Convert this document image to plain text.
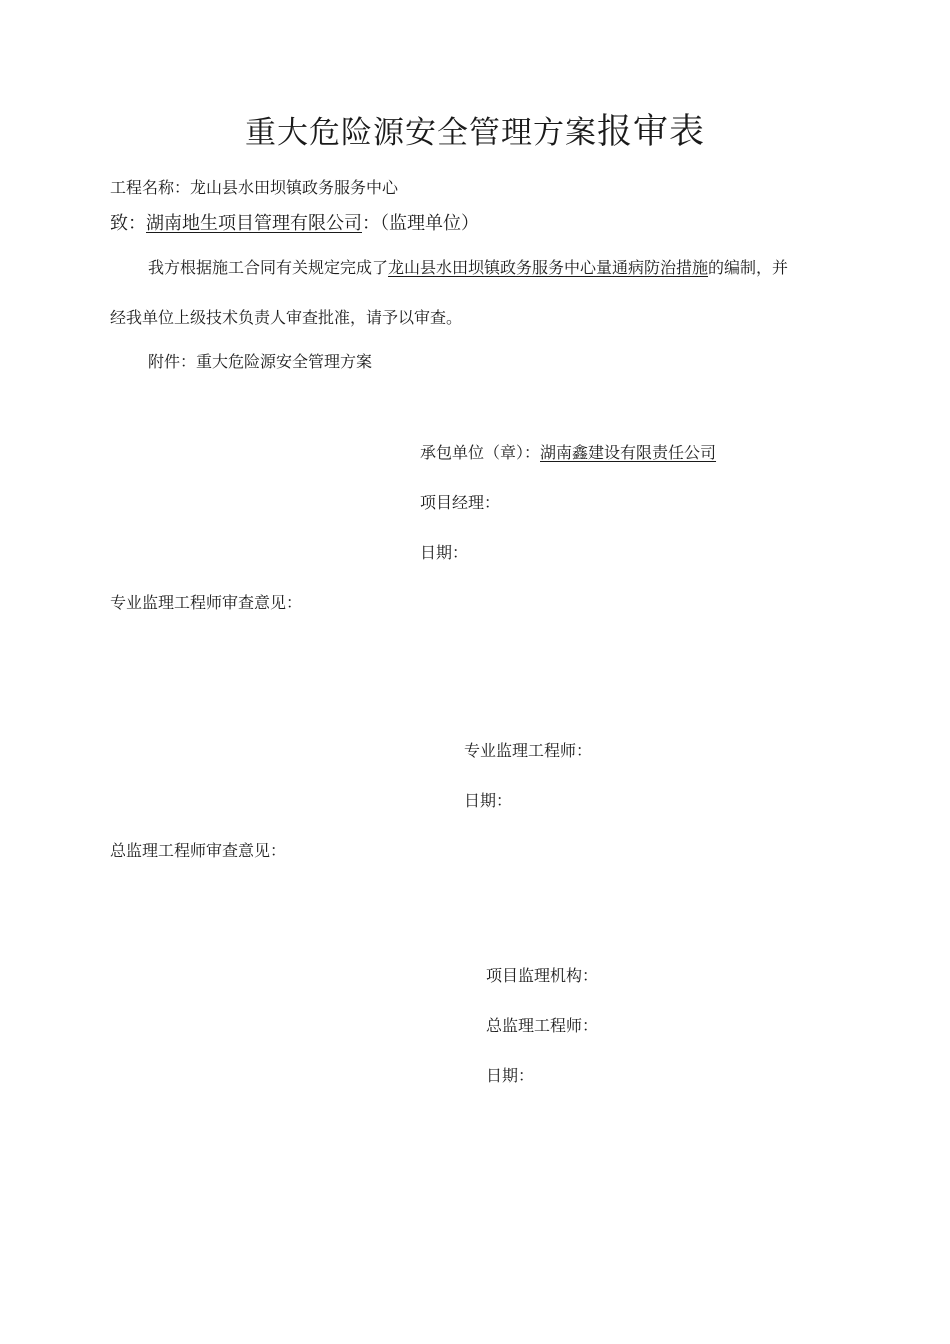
重大危险源安全管理方案报审表
工程名称：龙山县水田坝镇政务服务中心
致：湖南地生项目管理有限公司：（监理单位）
我方根据施工合同有关规定完成了龙山县水田坝镇政务服务中心量通病防治措施的编制，并
经我单位上级技术负责人审查批准，请予以审查。
附件：重大危险源安全管理方案
承包单位（章）：湖南鑫建设有限责任公司
项目经理：
日期：
专业监理工程师审查意见：
专业监理工程师：
日期：
总监理工程师审查意见：
项目监理机构：
总监理工程师：
日期：
